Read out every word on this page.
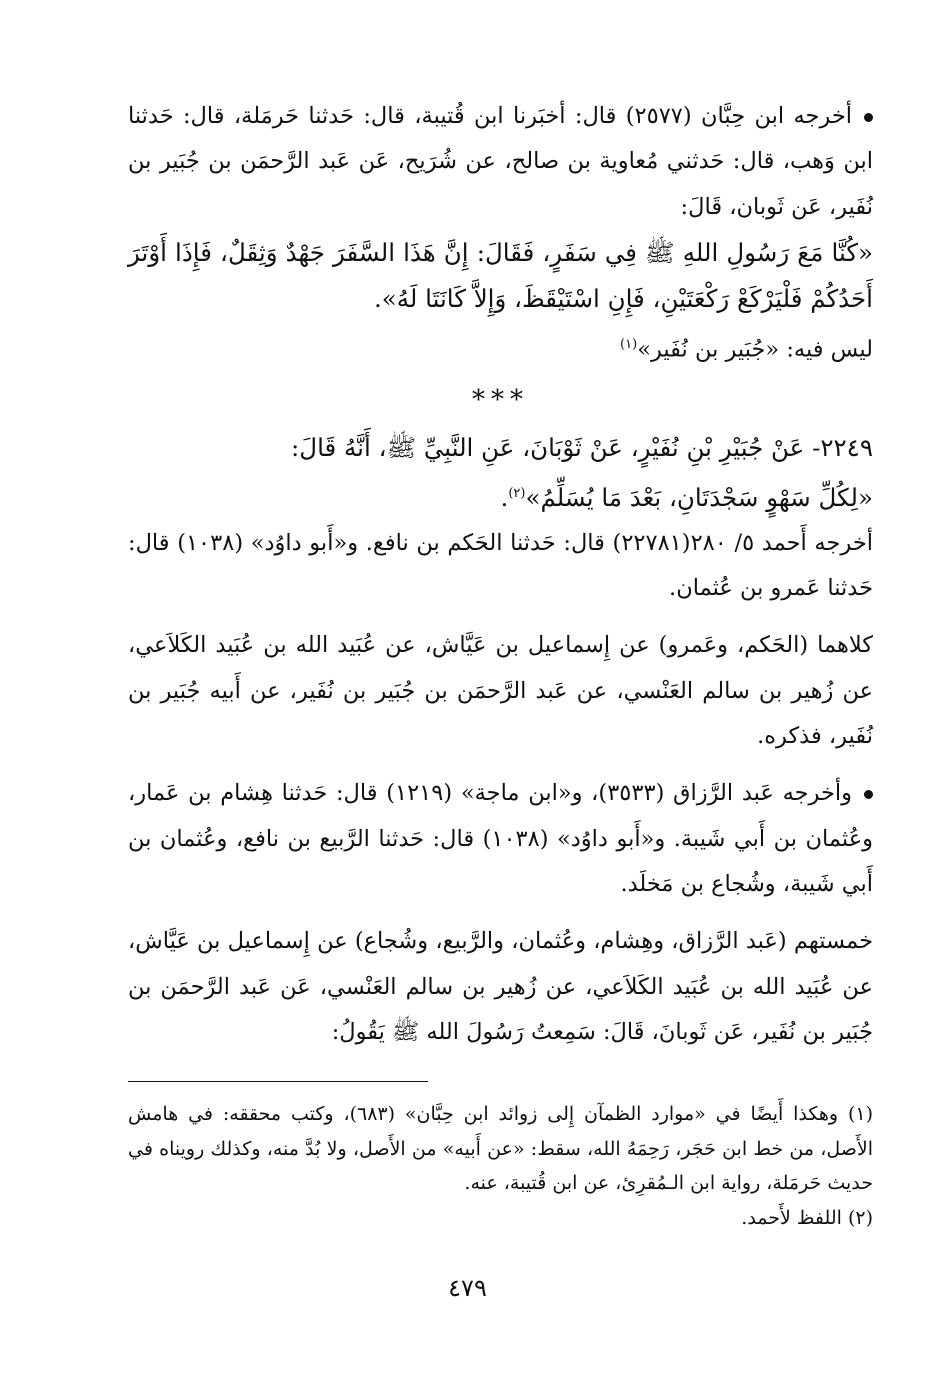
أخرجه ابن حِبَّان (٢٥٧٧) قال: أخبَرنا ابن قُتيبة، قال: حَدثنا حَرمَلة، قال: حَدثنا ابن وَهب، قال: حَدثني مُعاوية بن صالح، عن شُرَيح، عَن عَبد الرَّحمَن بن جُبَير بن نُفَير، عَن ثَوبان، قَالَ:

«كُنَّا مَعَ رَسُولِ اللهِ ﷺ فِي سَفَرٍ، فَقَالَ: إِنَّ هَذَا السَّفَرَ جَهْدٌ وَثِقَلٌ، فَإِذَا أَوْتَرَ أَحَدُكُمْ فَلْيَرْكَعْ رَكْعَتَيْنِ، فَإِنِ اسْتَيْقَظَ، وَإِلاَّ كَانَتَا لَهُ».

ليس فيه: «جُبَير بن نُفَير»$^{(١)}$

***

٢٢٤٩- عَنْ جُبَيْرِ بْنِ نُفَيْرٍ، عَنْ ثَوْبَانَ، عَنِ النَّبِيِّ ﷺ، أَنَّهُ قَالَ:

«لِكُلِّ سَهْوٍ سَجْدَتَانِ، بَعْدَ مَا يُسَلِّمُ»$^{(٢)}$.

أخرجه أَحمد ٥/ ٢٨٠(٢٢٧٨١) قال: حَدثنا الحَكم بن نافع. و«أَبو داوُد» (١٠٣٨) قال: حَدثنا عَمرو بن عُثمان.

كلاهما (الحَكم، وعَمرو) عن إِسماعيل بن عَيَّاش، عن عُبَيد الله بن عُبَيد الكَلاَعي، عن زُهير بن سالم العَنْسي، عن عَبد الرَّحمَن بن جُبَير بن نُفَير، عن أَبيه جُبَير بن نُفَير، فذكره.

وأخرجه عَبد الرَّزاق (٣٥٣٣)، و«ابن ماجة» (١٢١٩) قال: حَدثنا هِشام بن عَمار، وعُثمان بن أَبي شَيبة. و«أَبو داوُد» (١٠٣٨) قال: حَدثنا الرَّبيع بن نافع، وعُثمان بن أَبي شَيبة، وشُجاع بن مَخلَد.

خمستهم (عَبد الرَّزاق، وهِشام، وعُثمان، والرَّبيع، وشُجاع) عن إِسماعيل بن عَيَّاش، عن عُبَيد الله بن عُبَيد الكَلاَعي، عن زُهير بن سالم العَنْسي، عَن عَبد الرَّحمَن بن جُبَير بن نُفَير، عَن ثَوبانَ، قَالَ: سَمِعتُ رَسُولَ الله ﷺ يَقُولُ:

(١) وهكذا أَيضًا في «موارد الظمآن إِلى زوائد ابن حِبَّان» (٦٨٣)، وكتب محققه: في هامش الأَصل، من خط ابن حَجَر، رَحِمَهُ الله، سقط: «عن أَبيه» من الأَصل، ولا بُدَّ منه، وكذلك رويناه في حديث حَرمَلة، رواية ابن الـمُقرِئ، عن ابن قُتيبة، عنه.

(٢) اللفظ لأَحمد.

٤٧٩
